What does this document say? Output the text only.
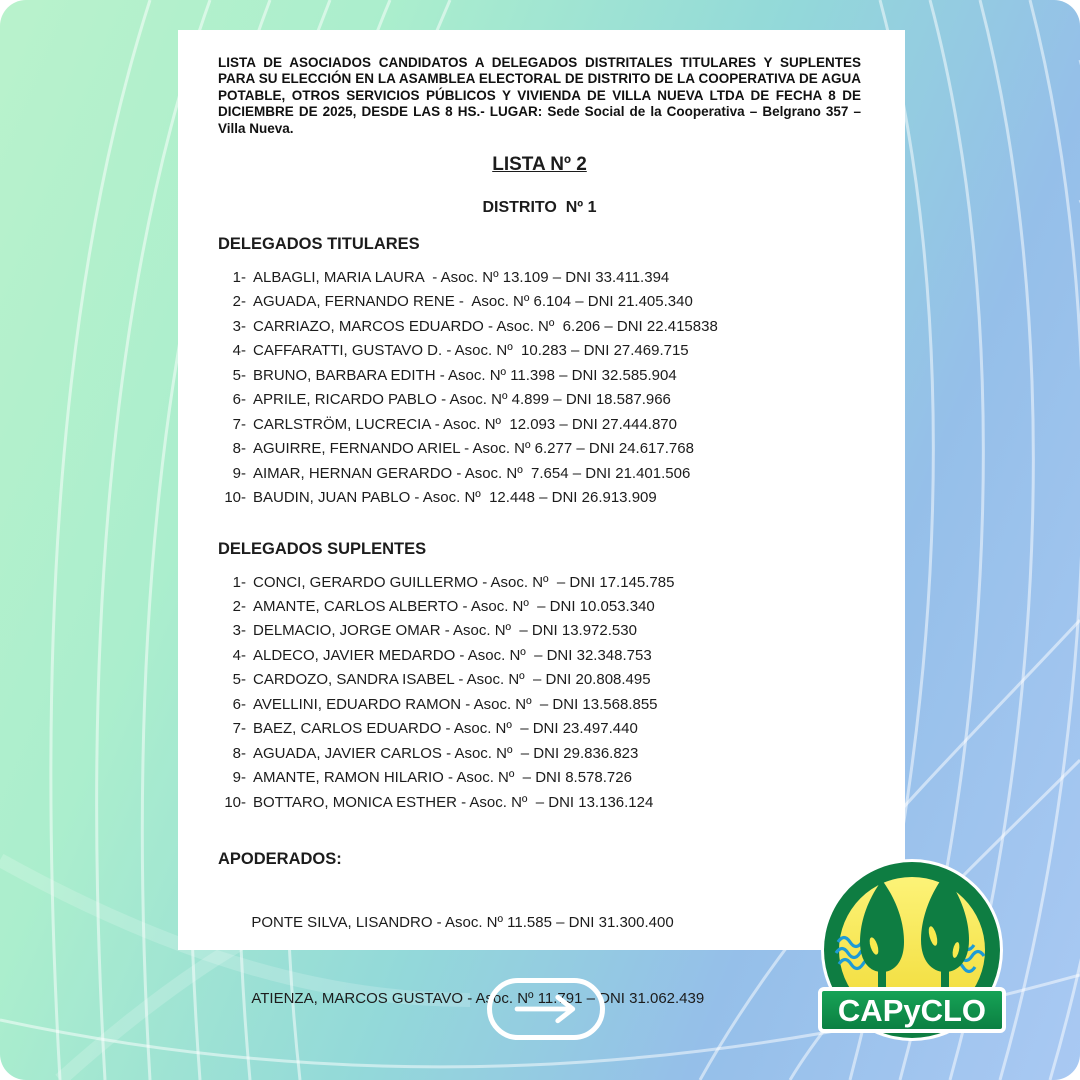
LISTA DE ASOCIADOS CANDIDATOS A DELEGADOS DISTRITALES TITULARES Y SUPLENTES PARA SU ELECCIÓN EN LA ASAMBLEA ELECTORAL DE DISTRITO DE LA COOPERATIVA DE AGUA POTABLE, OTROS SERVICIOS PÚBLICOS Y VIVIENDA DE VILLA NUEVA LTDA DE FECHA 8 DE DICIEMBRE DE 2025, DESDE LAS 8 HS.- LUGAR: Sede Social de la Cooperativa – Belgrano 357 – Villa Nueva.

LISTA Nº 2
DISTRITO  Nº 1
DELEGADOS TITULARES
1- ALBAGLI, MARIA LAURA  - Asoc. Nº 13.109 – DNI 33.411.394
2- AGUADA, FERNANDO RENE -  Asoc. Nº 6.104 – DNI 21.405.340
3- CARRIAZO, MARCOS EDUARDO - Asoc. Nº  6.206 – DNI 22.415838
4- CAFFARATTI, GUSTAVO D. - Asoc. Nº  10.283 – DNI 27.469.715
5- BRUNO, BARBARA EDITH - Asoc. Nº 11.398 – DNI 32.585.904
6- APRILE, RICARDO PABLO - Asoc. Nº 4.899 – DNI 18.587.966
7- CARLSTRÖM, LUCRECIA - Asoc. Nº  12.093 – DNI 27.444.870
8- AGUIRRE, FERNANDO ARIEL - Asoc. Nº 6.277 – DNI 24.617.768
9- AIMAR, HERNAN GERARDO - Asoc. Nº  7.654 – DNI 21.401.506
10- BAUDIN, JUAN PABLO - Asoc. Nº  12.448 – DNI 26.913.909
DELEGADOS SUPLENTES
1- CONCI, GERARDO GUILLERMO - Asoc. Nº  – DNI 17.145.785
2- AMANTE, CARLOS ALBERTO - Asoc. Nº  – DNI 10.053.340
3- DELMACIO, JORGE OMAR - Asoc. Nº  – DNI 13.972.530
4- ALDECO, JAVIER MEDARDO - Asoc. Nº  – DNI 32.348.753
5- CARDOZO, SANDRA ISABEL - Asoc. Nº  – DNI 20.808.495
6- AVELLINI, EDUARDO RAMON - Asoc. Nº  – DNI 13.568.855
7- BAEZ, CARLOS EDUARDO - Asoc. Nº  – DNI 23.497.440
8- AGUADA, JAVIER CARLOS - Asoc. Nº  – DNI 29.836.823
9- AMANTE, RAMON HILARIO - Asoc. Nº  – DNI 8.578.726
10- BOTTARO, MONICA ESTHER - Asoc. Nº  – DNI 13.136.124
APODERADOS:

PONTE SILVA, LISANDRO - Asoc. Nº 11.585 – DNI 31.300.400

ATIENZA, MARCOS GUSTAVO - Asoc. Nº 11.791 – DNI 31.062.439
	CAPyCLO
